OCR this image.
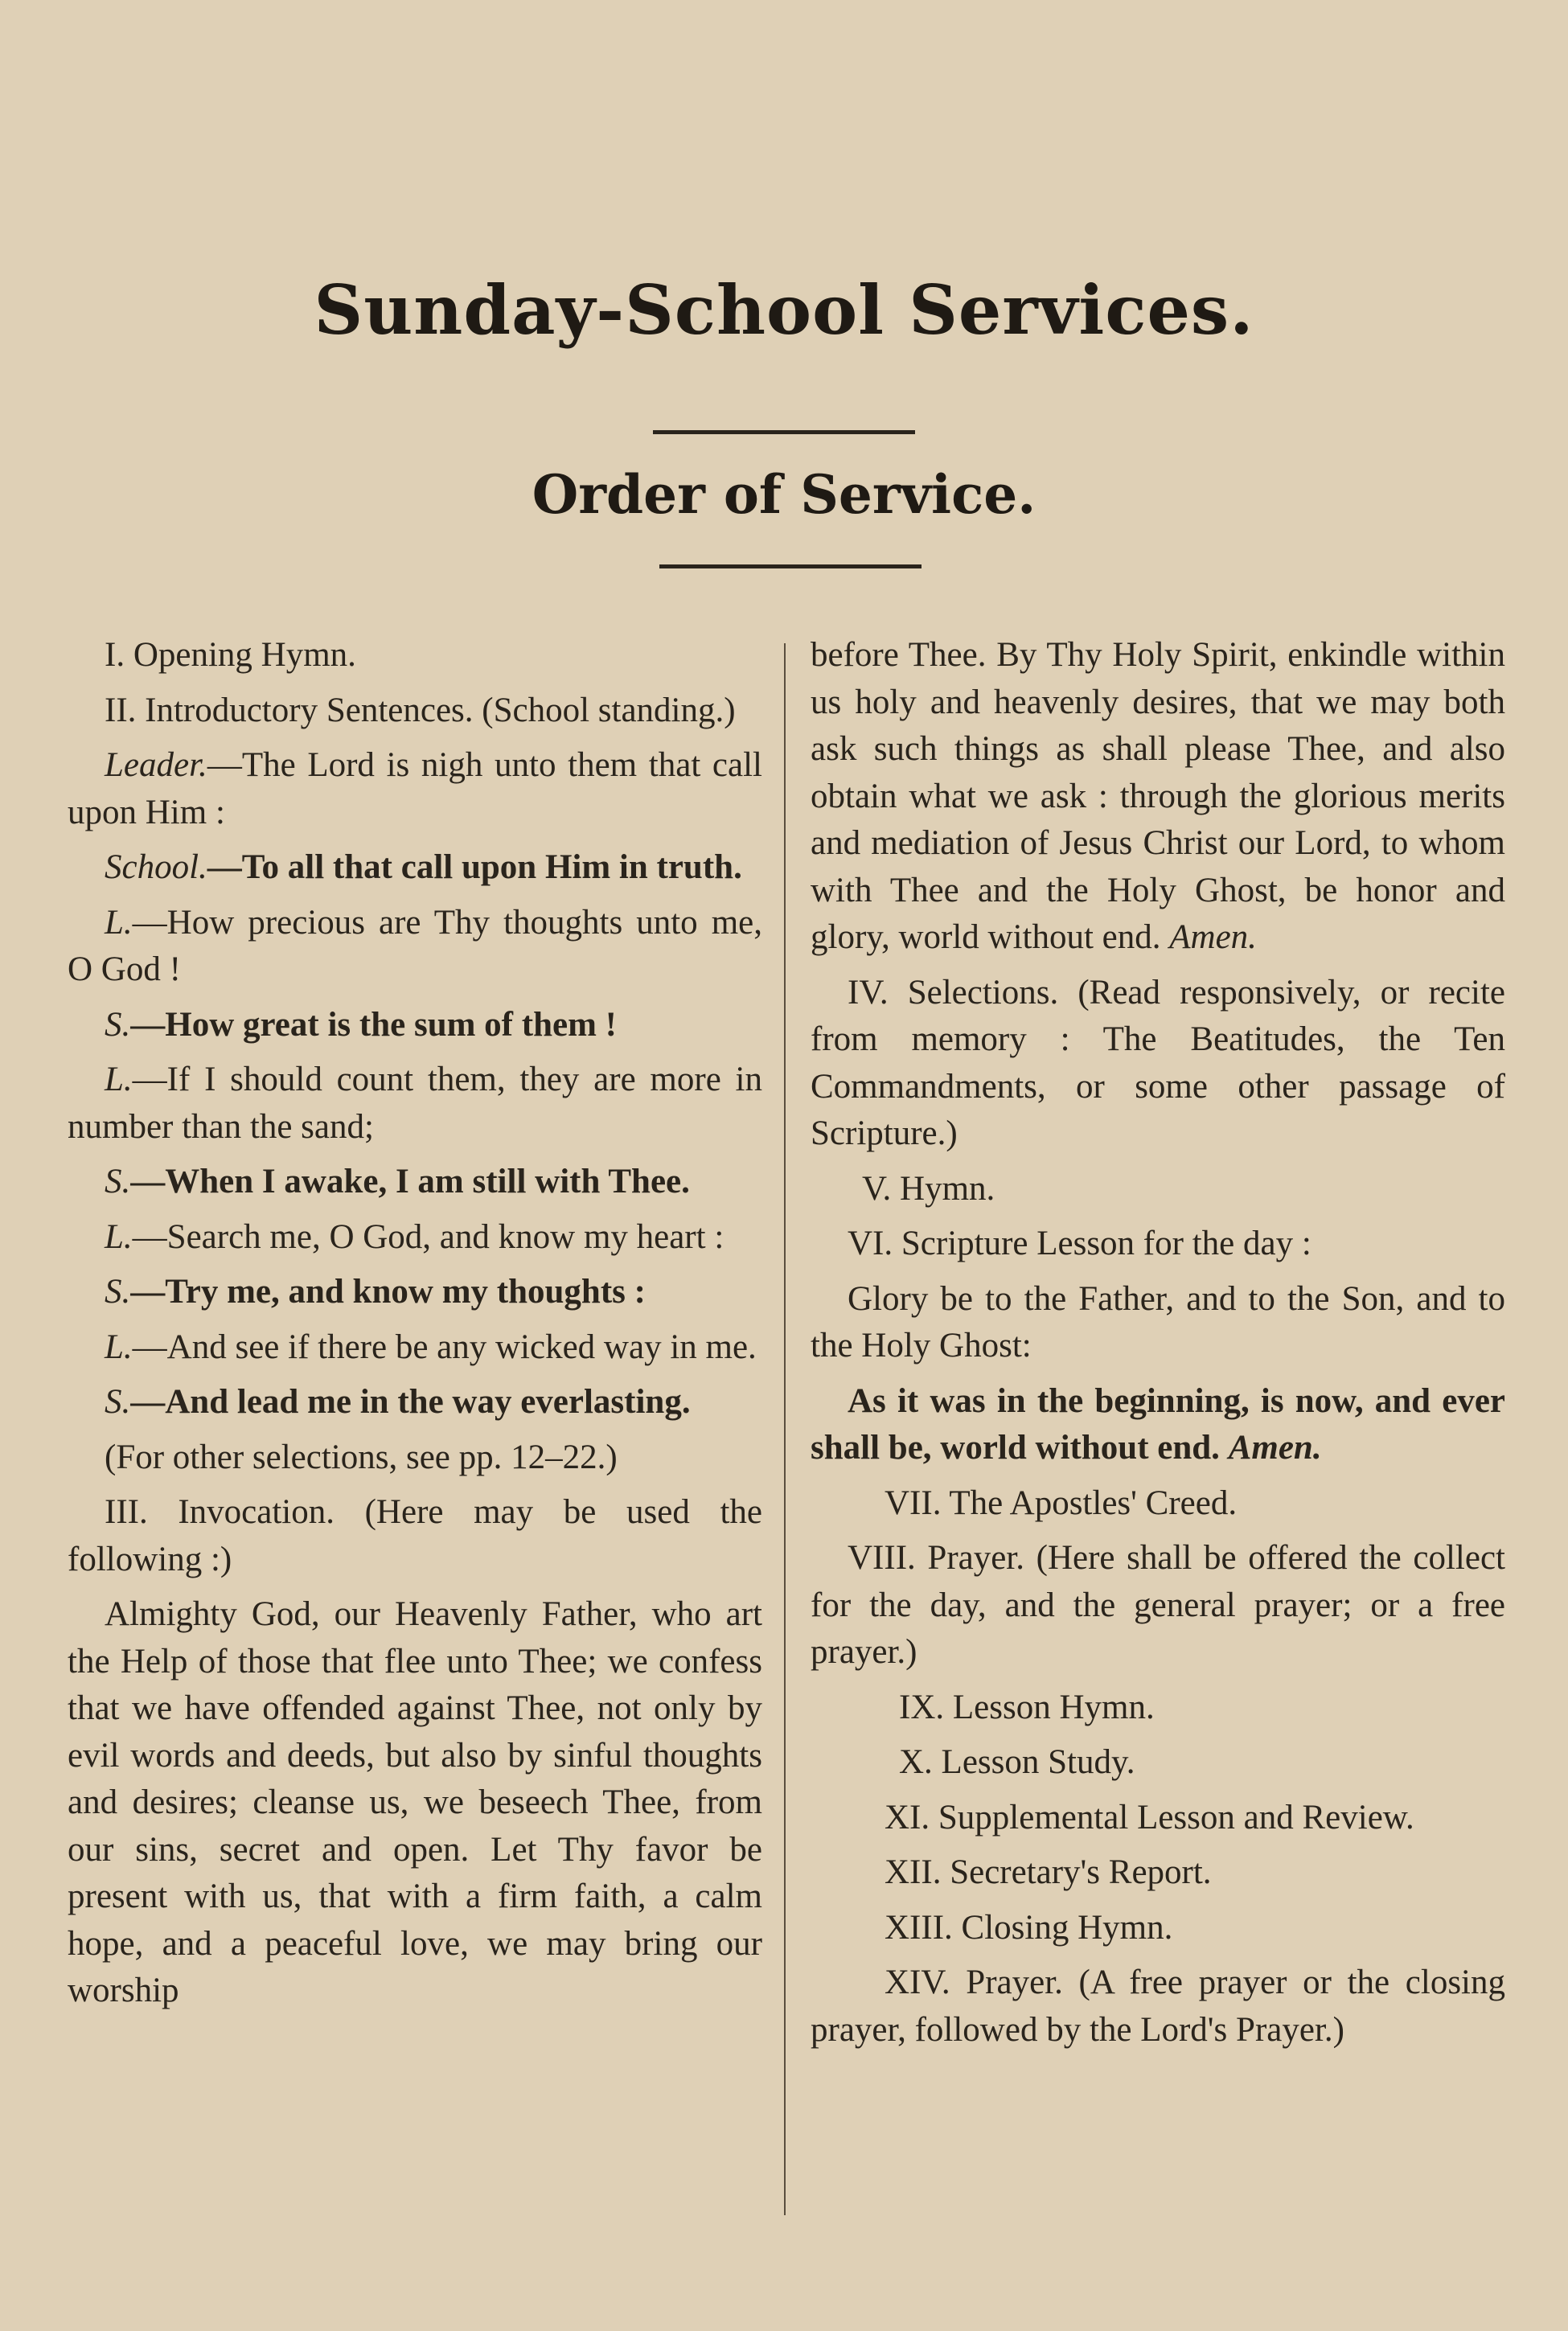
Sunday-School Services.
Order of Service.

I. Opening Hymn.

II. Introductory Sentences. (School standing.)

Leader.—The Lord is nigh unto them that call upon Him :

School.—To all that call upon Him in truth.

L.—How precious are Thy thoughts unto me, O God !

S.—How great is the sum of them !

L.—If I should count them, they are more in number than the sand;

S.—When I awake, I am still with Thee.

L.—Search me, O God, and know my heart :

S.—Try me, and know my thoughts :

L.—And see if there be any wicked way in me.

S.—And lead me in the way everlasting.

(For other selections, see pp. 12–22.)

III. Invocation. (Here may be used the following :)

Almighty God, our Heavenly Father, who art the Help of those that flee unto Thee; we confess that we have offended against Thee, not only by evil words and deeds, but also by sinful thoughts and desires; cleanse us, we beseech Thee, from our sins, secret and open. Let Thy favor be present with us, that with a firm faith, a calm hope, and a peaceful love, we may bring our worship

before Thee. By Thy Holy Spirit, enkindle within us holy and heavenly desires, that we may both ask such things as shall please Thee, and also obtain what we ask : through the glorious merits and mediation of Jesus Christ our Lord, to whom with Thee and the Holy Ghost, be honor and glory, world without end. Amen.

IV. Selections. (Read responsively, or recite from memory : The Beatitudes, the Ten Commandments, or some other passage of Scripture.)

V. Hymn.

VI. Scripture Lesson for the day :

Glory be to the Father, and to the Son, and to the Holy Ghost:

As it was in the beginning, is now, and ever shall be, world without end. Amen.

VII. The Apostles' Creed.

VIII. Prayer. (Here shall be offered the collect for the day, and the general prayer; or a free prayer.)

IX. Lesson Hymn.

X. Lesson Study.

XI. Supplemental Lesson and Review.

XII. Secretary's Report.

XIII. Closing Hymn.

XIV. Prayer. (A free prayer or the closing prayer, followed by the Lord's Prayer.)
